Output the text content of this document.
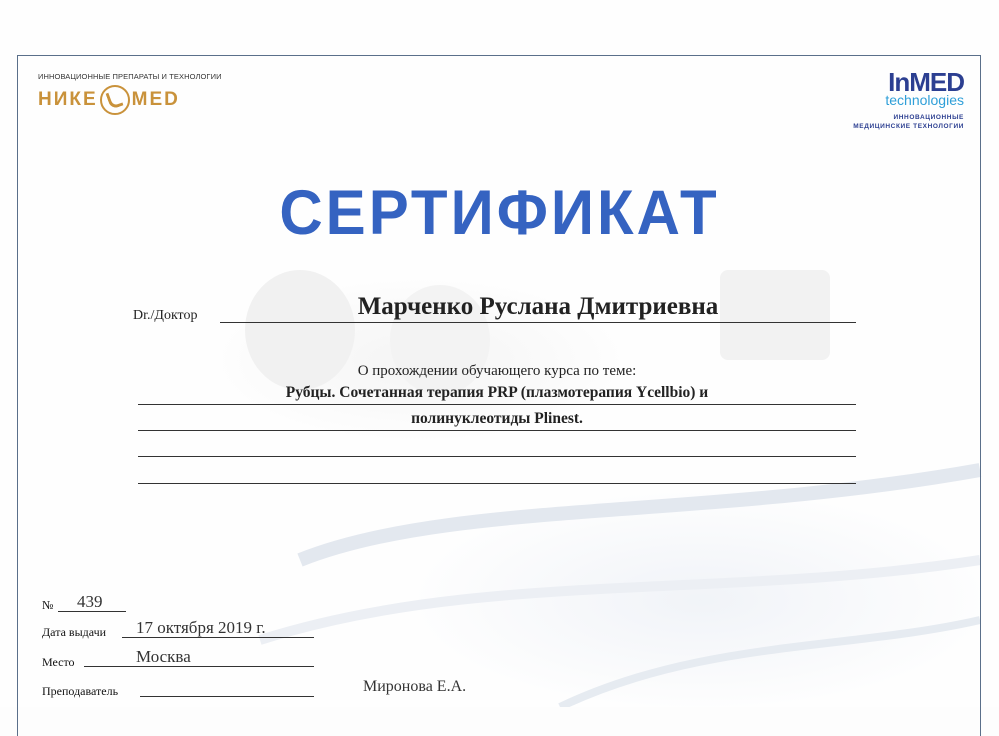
ИННОВАЦИОННЫЕ ПРЕПАРАТЫ И ТЕХНОЛОГИИ
НИКЕ MED
InMED
technologies
ИННОВАЦИОННЫЕ
МЕДИЦИНСКИЕ ТЕХНОЛОГИИ
СЕРТИФИКАТ
Dr./Доктор	Марченко Руслана Дмитриевна
О прохождении обучающего курса по теме:
Рубцы. Сочетанная терапия PRP (плазмотерапия Ycellbio) и
полинуклеотиды Plinest.
№ 439
Дата выдачи 17 октября 2019 г.
Место	Москва
Преподаватель	Миронова Е.А.
